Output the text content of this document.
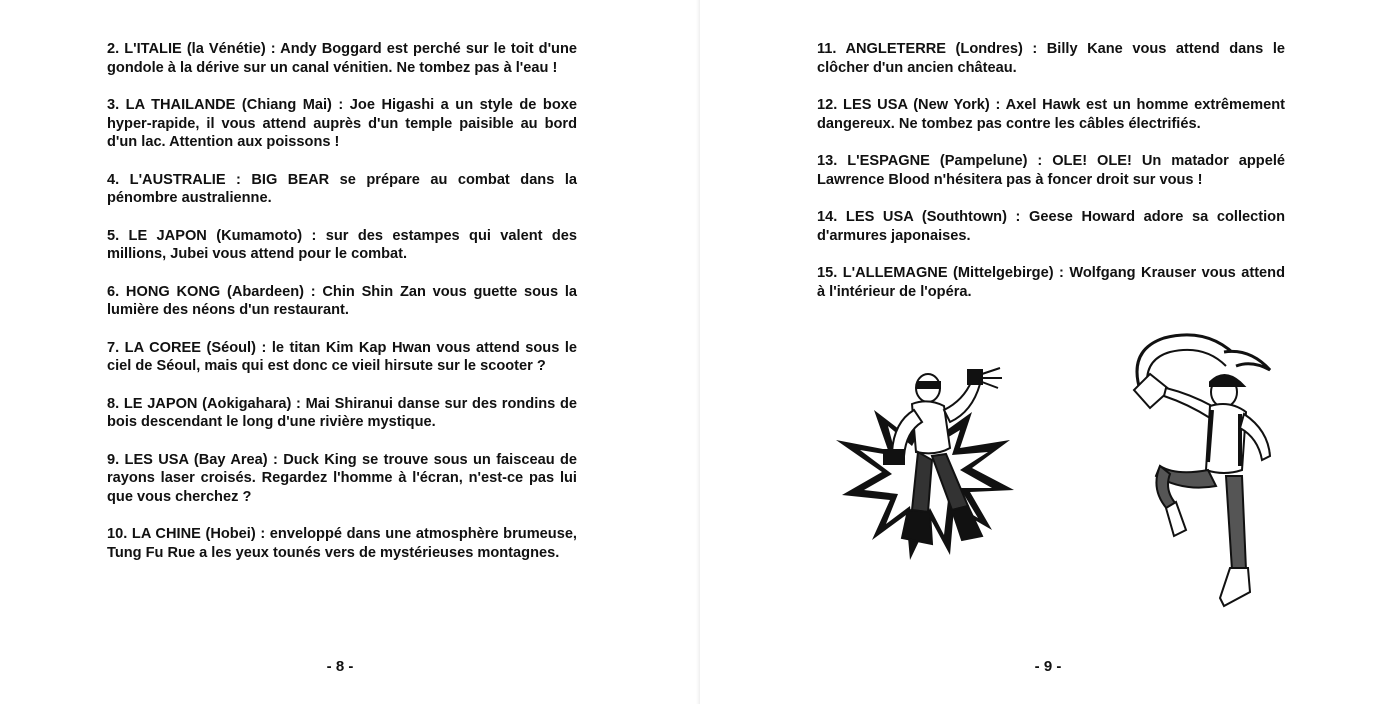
2. L'ITALIE (la Vénétie) : Andy Boggard est perché sur le toit d'une gondole à la dérive sur un canal vénitien. Ne tombez pas à l'eau !

3. LA THAILANDE (Chiang Mai) : Joe Higashi a un style de boxe hyper-rapide, il vous attend auprès d'un temple paisible au bord d'un lac. Attention aux poissons !

4. L'AUSTRALIE : BIG BEAR se prépare au combat dans la pénombre australienne.

5. LE JAPON (Kumamoto) : sur des estampes qui valent des millions, Jubei vous attend pour le combat.

6. HONG KONG (Abardeen) : Chin Shin Zan vous guette sous la lumière des néons d'un restaurant.

7. LA COREE (Séoul) : le titan Kim Kap Hwan vous attend sous le ciel de Séoul, mais qui est donc ce vieil hirsute sur le scooter ?

8. LE JAPON (Aokigahara) : Mai Shiranui danse sur des rondins de bois descendant le long d'une rivière mystique.

9. LES USA (Bay Area) : Duck King se trouve sous un faisceau de rayons laser croisés. Regardez l'homme à l'écran, n'est-ce pas lui que vous cherchez ?

10. LA CHINE (Hobei) : enveloppé dans une atmosphère brumeuse, Tung Fu Rue a les yeux tounés vers de mystérieuses montagnes.

- 8 -

11. ANGLETERRE (Londres) : Billy Kane vous attend dans le clôcher d'un ancien château.

12. LES USA (New York) : Axel Hawk est un homme extrêmement dangereux. Ne tombez pas contre les câbles électrifiés.

13. L'ESPAGNE (Pampelune) : OLE! OLE! Un matador appelé Lawrence Blood n'hésitera pas à foncer droit sur vous !

14. LES USA (Southtown) : Geese Howard adore sa collection d'armures japonaises.

15. L'ALLEMAGNE (Mittelgebirge) : Wolfgang Krauser vous attend à l'intérieur de l'opéra.

- 9 -
